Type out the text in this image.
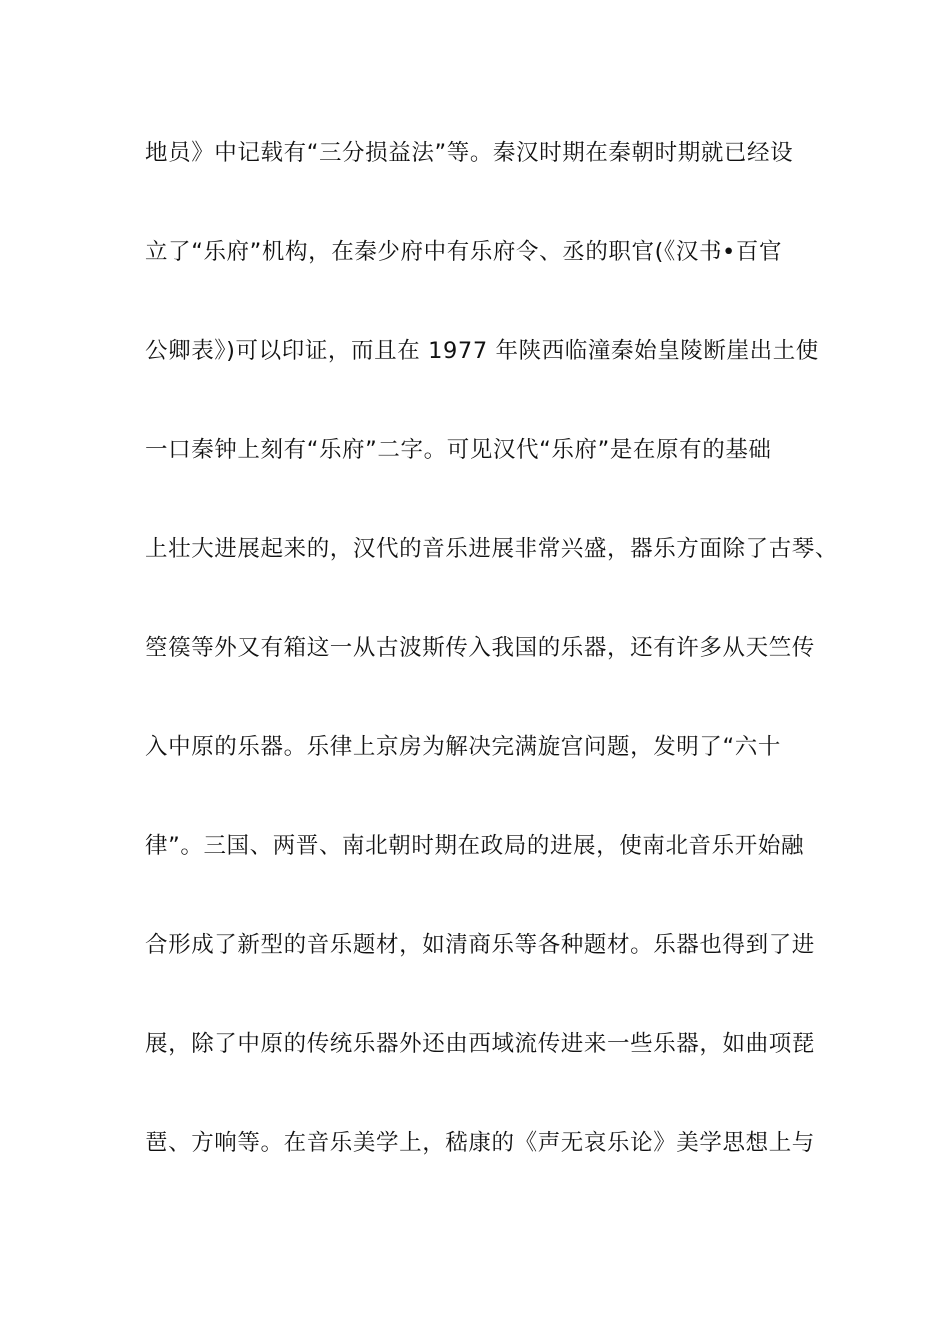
地员》中记载有“三分损益法”等。秦汉时期在秦朝时期就已经设
立了“乐府”机构，在秦少府中有乐府令、丞的职官(《汉书•百官
公卿表》)可以印证，而且在 1977 年陕西临潼秦始皇陵断崖出土使
一口秦钟上刻有“乐府”二字。可见汉代“乐府”是在原有的基础
上壮大进展起来的，汉代的音乐进展非常兴盛，器乐方面除了古琴、
箜篌等外又有箱这一从古波斯传入我国的乐器，还有许多从天竺传
入中原的乐器。乐律上京房为解决完满旋宫问题，发明了“六十
律”。三国、两晋、南北朝时期在政局的进展，使南北音乐开始融
合形成了新型的音乐题材，如清商乐等各种题材。乐器也得到了进
展，除了中原的传统乐器外还由西域流传进来一些乐器，如曲项琵
琶、方响等。在音乐美学上，嵇康的《声无哀乐论》美学思想上与
